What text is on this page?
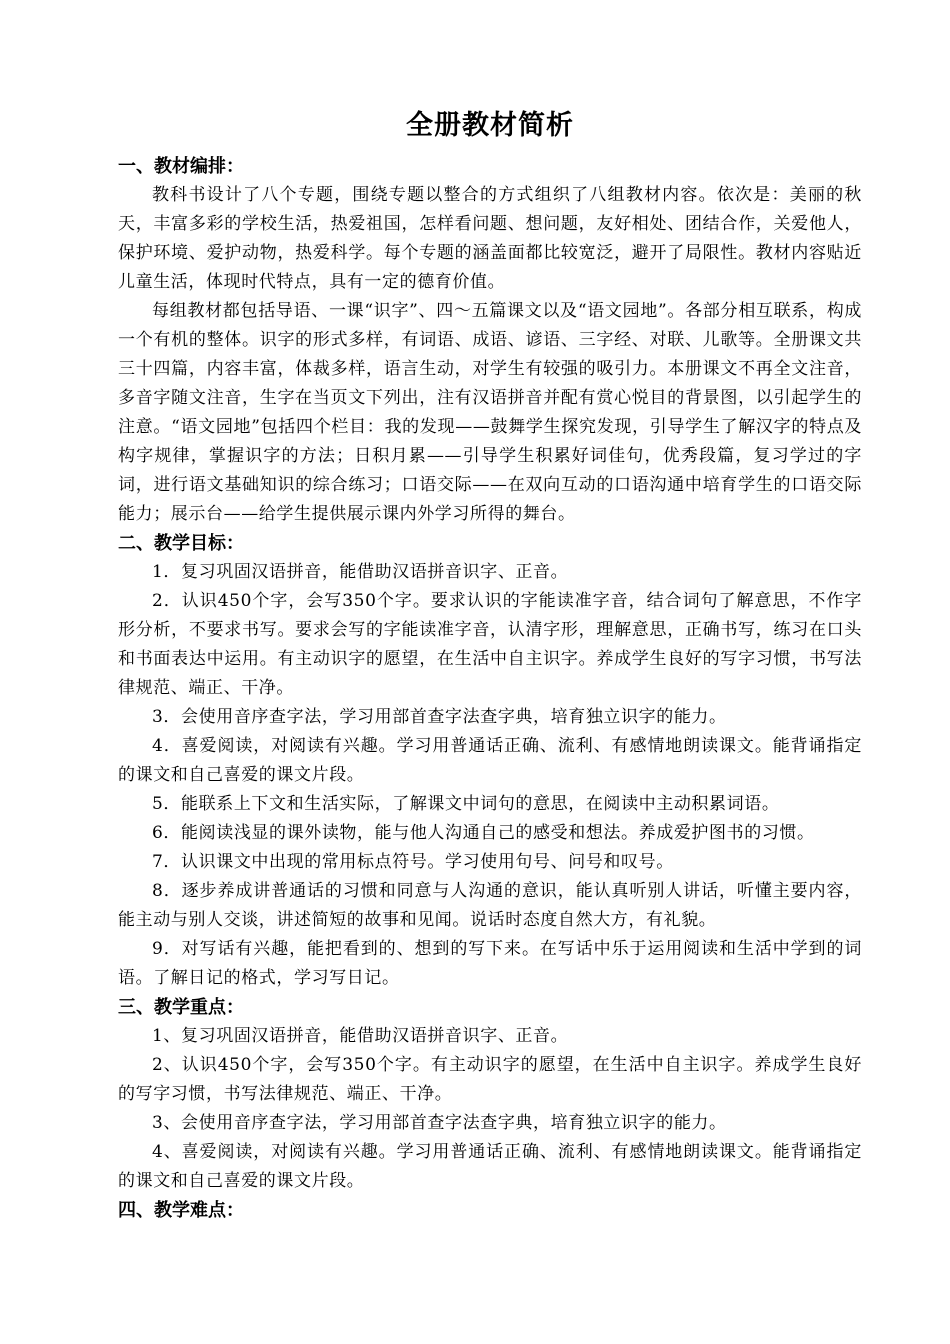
全册教材简析
一、教材编排：

教科书设计了八个专题，围绕专题以整合的方式组织了八组教材内容。依次是：美丽的秋天，丰富多彩的学校生活，热爱祖国，怎样看问题、想问题，友好相处、团结合作，关爱他人，保护环境、爱护动物，热爱科学。每个专题的涵盖面都比较宽泛，避开了局限性。教材内容贴近儿童生活，体现时代特点，具有一定的德育价值。

每组教材都包括导语、一课“识字”、四～五篇课文以及“语文园地”。各部分相互联系，构成一个有机的整体。识字的形式多样，有词语、成语、谚语、三字经、对联、儿歌等。全册课文共三十四篇，内容丰富，体裁多样，语言生动，对学生有较强的吸引力。本册课文不再全文注音，多音字随文注音，生字在当页文下列出，注有汉语拼音并配有赏心悦目的背景图，以引起学生的注意。“语文园地”包括四个栏目：我的发现——鼓舞学生探究发现，引导学生了解汉字的特点及构字规律，掌握识字的方法；日积月累——引导学生积累好词佳句，优秀段篇，复习学过的字词，进行语文基础知识的综合练习；口语交际——在双向互动的口语沟通中培育学生的口语交际能力；展示台——给学生提供展示课内外学习所得的舞台。

二、教学目标：

1．复习巩固汉语拼音，能借助汉语拼音识字、正音。

2．认识450个字，会写350个字。要求认识的字能读准字音，结合词句了解意思，不作字形分析，不要求书写。要求会写的字能读准字音，认清字形，理解意思，正确书写，练习在口头和书面表达中运用。有主动识字的愿望，在生活中自主识字。养成学生良好的写字习惯，书写法律规范、端正、干净。

3．会使用音序查字法，学习用部首查字法查字典，培育独立识字的能力。

4．喜爱阅读，对阅读有兴趣。学习用普通话正确、流利、有感情地朗读课文。能背诵指定的课文和自己喜爱的课文片段。

5．能联系上下文和生活实际，了解课文中词句的意思，在阅读中主动积累词语。

6．能阅读浅显的课外读物，能与他人沟通自己的感受和想法。养成爱护图书的习惯。

7．认识课文中出现的常用标点符号。学习使用句号、问号和叹号。

8．逐步养成讲普通话的习惯和同意与人沟通的意识，能认真听别人讲话，听懂主要内容，能主动与别人交谈，讲述简短的故事和见闻。说话时态度自然大方，有礼貌。

9．对写话有兴趣，能把看到的、想到的写下来。在写话中乐于运用阅读和生活中学到的词语。了解日记的格式，学习写日记。

三、教学重点：

1、复习巩固汉语拼音，能借助汉语拼音识字、正音。

2、认识450个字，会写350个字。有主动识字的愿望，在生活中自主识字。养成学生良好的写字习惯，书写法律规范、端正、干净。

3、会使用音序查字法，学习用部首查字法查字典，培育独立识字的能力。

4、喜爱阅读，对阅读有兴趣。学习用普通话正确、流利、有感情地朗读课文。能背诵指定的课文和自己喜爱的课文片段。

四、教学难点：
